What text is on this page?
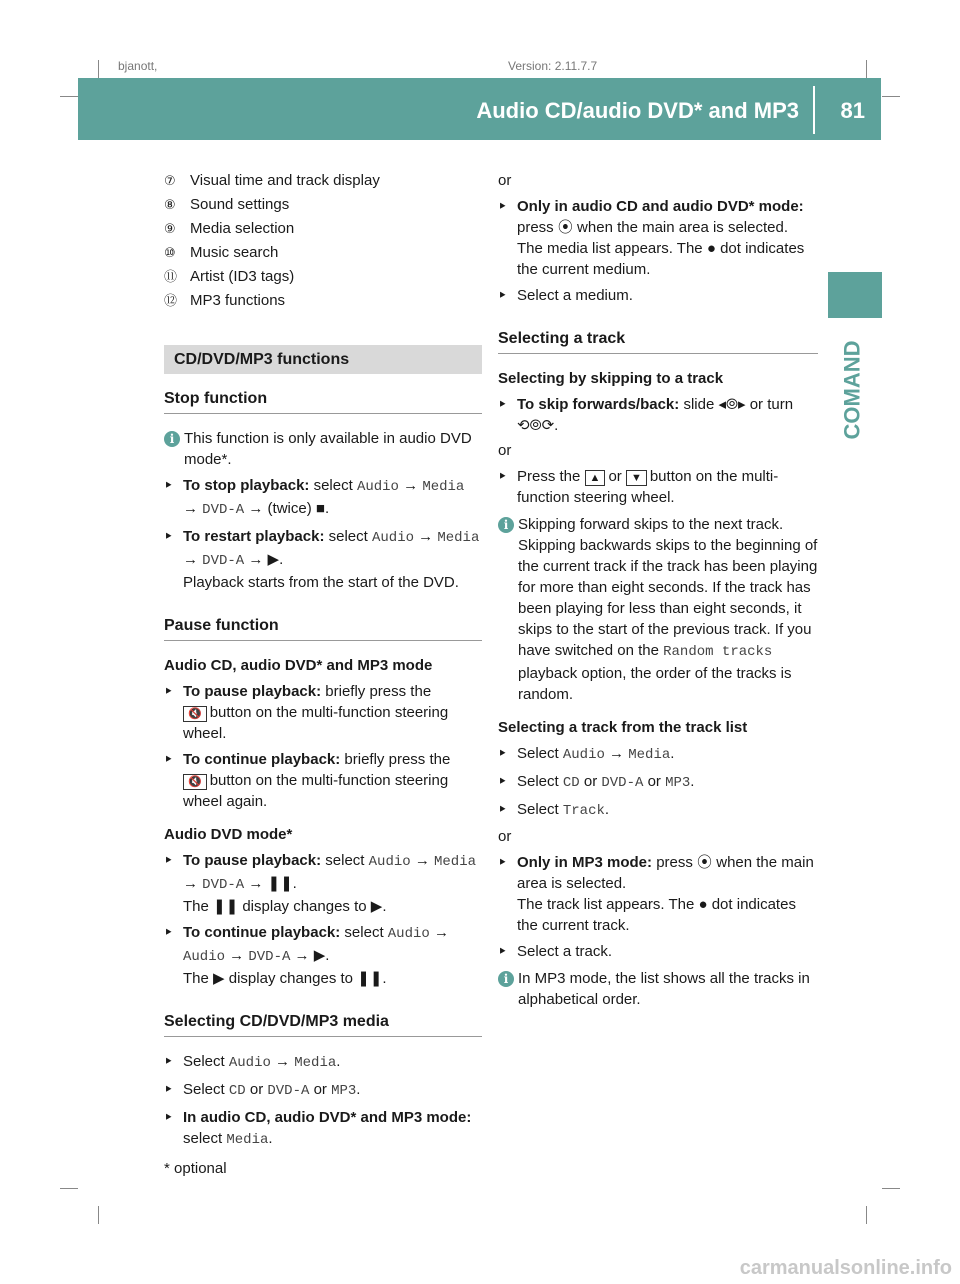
bjanott,	Version: 2.11.7.7
Audio CD/audio DVD* and MP3 81
COMAND
⑦ Visual time and track display
⑧ Sound settings
⑨ Media selection
⑩ Music search
⑪ Artist (ID3 tags)
⑫ MP3 functions
CD/DVD/MP3 functions
Stop function
i This function is only available in audio DVD mode*.
‣ To stop playback: select Audio → Media → DVD-A → (twice) ■.
‣ To restart playback: select Audio → Media → DVD-A → ▶.
Playback starts from the start of the DVD.
Pause function
Audio CD, audio DVD* and MP3 mode
‣ To pause playback: briefly press the
🔇 button on the multi-function steering wheel.
‣ To continue playback: briefly press the
🔇 button on the multi-function steering wheel again.
Audio DVD mode*
‣ To pause playback: select Audio → Media → DVD-A → ❚❚.
The ❚❚ display changes to ▶.
‣ To continue playback: select Audio → Audio → DVD-A → ▶.
The ▶ display changes to ❚❚.
Selecting CD/DVD/MP3 media
‣ Select Audio → Media.
‣ Select CD or DVD-A or MP3.
‣ In audio CD, audio DVD* and MP3 mode: select Media.
or
‣ Only in audio CD and audio DVD* mode: press ⦿ when the main area is selected.
The media list appears. The ● dot indicates the current medium.
‣ Select a medium.
Selecting a track
Selecting by skipping to a track
‣ To skip forwards/back: slide ◂⦾▸ or turn
⟲⦾⟳.
or
‣ Press the ▲ or ▼ button on the multi-function steering wheel.
i Skipping forward skips to the next track. Skipping backwards skips to the beginning of the current track if the track has been playing for more than eight seconds. If the track has been playing for less than eight seconds, it skips to the start of the previous track. If you have switched on the Random tracks playback option, the order of the tracks is random.
Selecting a track from the track list
‣ Select Audio → Media.
‣ Select CD or DVD-A or MP3.
‣ Select Track.
or
‣ Only in MP3 mode: press ⦿ when the main area is selected.
The track list appears. The ● dot indicates the current track.
‣ Select a track.
i In MP3 mode, the list shows all the tracks in alphabetical order.
* optional
carmanualsonline.info
